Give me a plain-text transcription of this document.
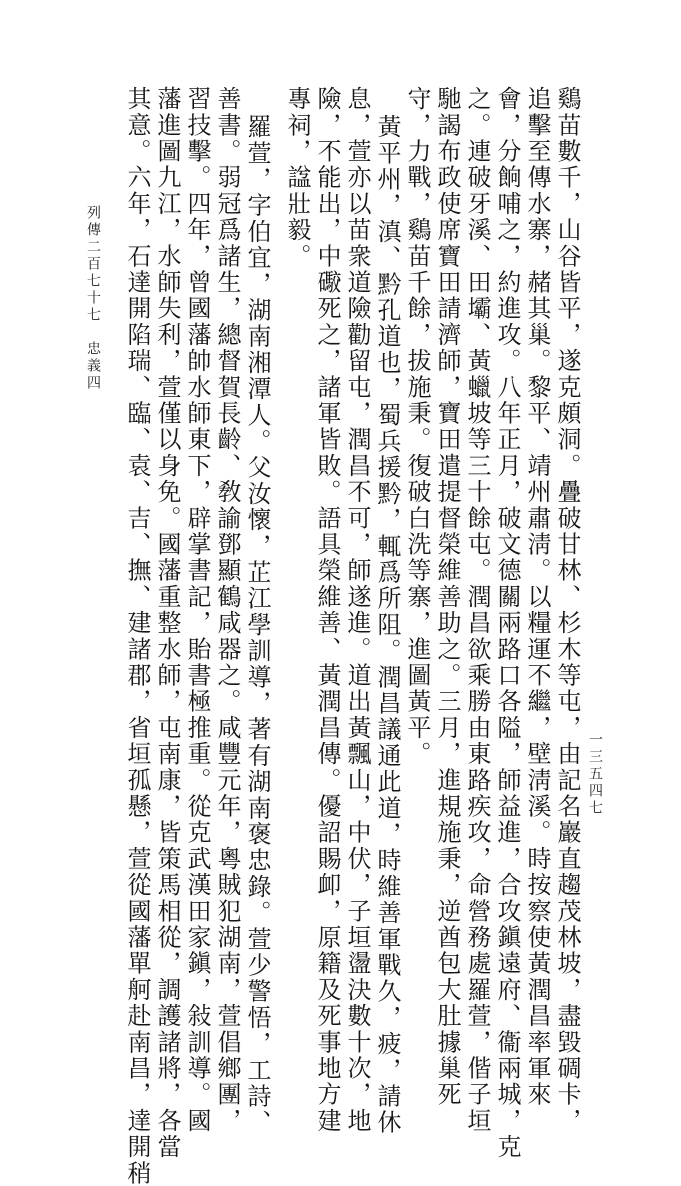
列傳二百七十七　忠義四
一三五四七
鷄苗數千，山谷皆平，遂克頗洞。疊破甘林、杉木等屯，由記名巖直趨茂林坡，盡毀碉卡，
追擊至傳水寨，赭其巢。黎平、靖州肅淸。以糧運不繼，壁淸溪。時按察使黃潤昌率軍來
會，分餉哺之，約進攻。八年正月，破文德關兩路口各隘，師益進，合攻鎭遠府、衞兩城，克
之。連破牙溪、田壩、黃蠟坡等三十餘屯。潤昌欲乘勝由東路疾攻，命營務處羅萱，偕子垣
馳謁布政使席寶田請濟師，寶田遣提督榮維善助之。三月，進規施秉，逆酋包大肚據巢死
守，力戰，鷄苗千餘，拔施秉。復破白洗等寨，進圖黃平。
黃平州，滇、黔孔道也，蜀兵援黔，輒爲所阻。潤昌議通此道，時維善軍戰久，疲，請休
息，萱亦以苗衆道險勸留屯，潤昌不可，師遂進。道出黃飄山，中伏，子垣盪決數十次，地
險，不能出，中礮死之，諸軍皆敗。語具榮維善、黃潤昌傳。優詔賜卹，原籍及死事地方建
專祠，諡壯毅。
羅萱，字伯宜，湖南湘潭人。父汝懷，芷江學訓導，著有湖南褒忠錄。萱少警悟，工詩、
善書。弱冠爲諸生，總督賀長齡、敎諭鄧顯鶴咸器之。咸豐元年，粵賊犯湖南，萱倡鄉團，
習技擊。四年，曾國藩帥水師東下，辟掌書記，貽書極推重。從克武漢田家鎭，敍訓導。國
藩進圖九江，水師失利，萱僅以身免。國藩重整水師，屯南康，皆策馬相從，調護諸將，各當
其意。六年，石達開陷瑞、臨、袁、吉、撫、建諸郡，省垣孤懸，萱從國藩單舸赴南昌，達開稍
